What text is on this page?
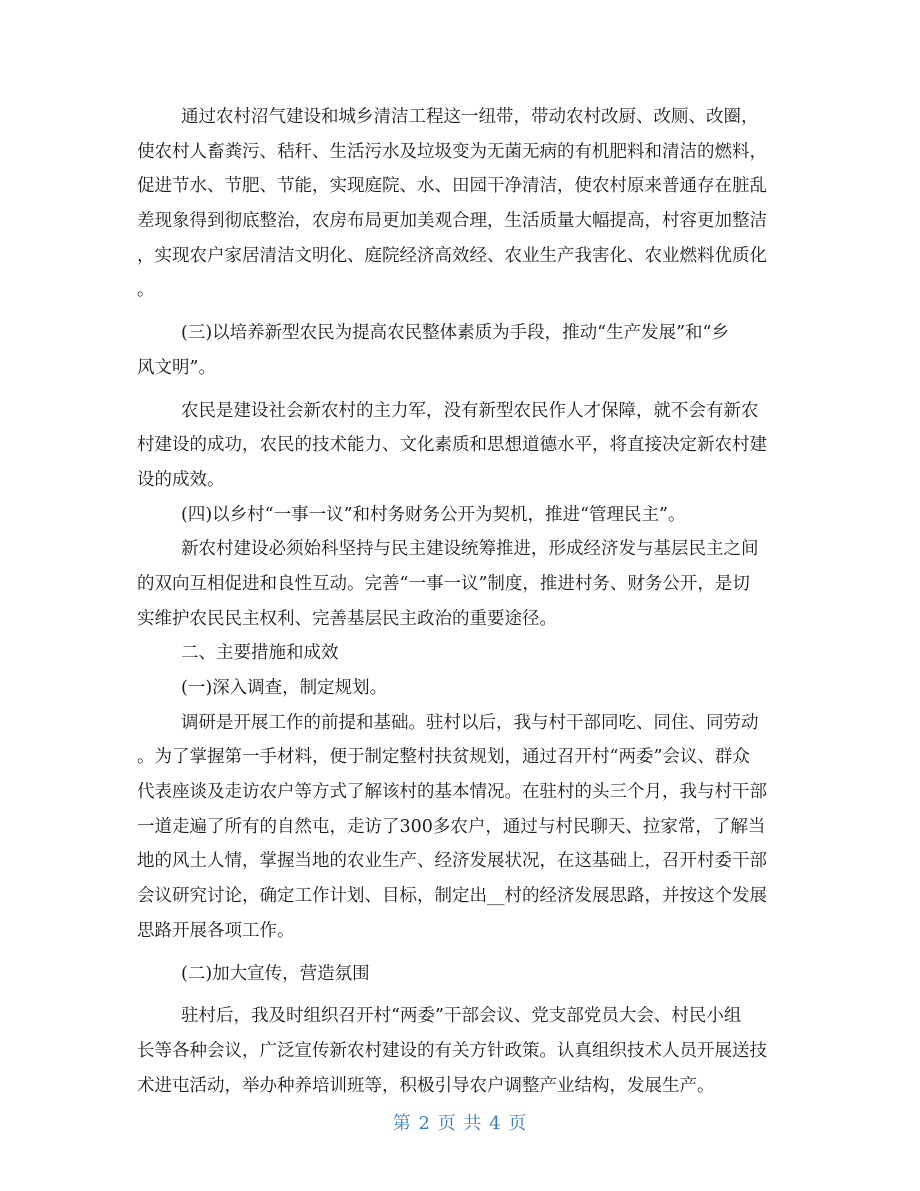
通过农村沼气建设和城乡清洁工程这一纽带，带动农村改厨、改厕、改圈，
使农村人畜粪污、秸秆、生活污水及垃圾变为无菌无病的有机肥料和清洁的燃料，
促进节水、节肥、节能，实现庭院、水、田园干净清洁，使农村原来普通存在脏乱
差现象得到彻底整治，农房布局更加美观合理，生活质量大幅提高，村容更加整洁
，实现农户家居清洁文明化、庭院经济高效经、农业生产我害化、农业燃料优质化
。
(三)以培养新型农民为提高农民整体素质为手段，推动“生产发展”和“乡
风文明”。
农民是建设社会新农村的主力军，没有新型农民作人才保障，就不会有新农
村建设的成功，农民的技术能力、文化素质和思想道德水平，将直接决定新农村建
设的成效。
(四)以乡村“一事一议”和村务财务公开为契机，推进“管理民主”。
新农村建设必须始科坚持与民主建设统筹推进，形成经济发与基层民主之间
的双向互相促进和良性互动。完善“一事一议”制度，推进村务、财务公开，是切
实维护农民民主权利、完善基层民主政治的重要途径。
二、主要措施和成效
(一)深入调查，制定规划。
调研是开展工作的前提和基础。驻村以后，我与村干部同吃、同住、同劳动
。为了掌握第一手材料，便于制定整村扶贫规划，通过召开村“两委”会议、群众
代表座谈及走访农户等方式了解该村的基本情况。在驻村的头三个月，我与村干部
一道走遍了所有的自然屯，走访了300多农户，通过与村民聊天、拉家常，了解当
地的风土人情，掌握当地的农业生产、经济发展状况，在这基础上，召开村委干部
会议研究讨论，确定工作计划、目标，制定出__村的经济发展思路，并按这个发展
思路开展各项工作。
(二)加大宣传，营造氛围
驻村后，我及时组织召开村“两委”干部会议、党支部党员大会、村民小组
长等各种会议，广泛宣传新农村建设的有关方针政策。认真组织技术人员开展送技
术进屯活动，举办种养培训班等，积极引导农户调整产业结构，发展生产。
第 2 页 共 4 页
